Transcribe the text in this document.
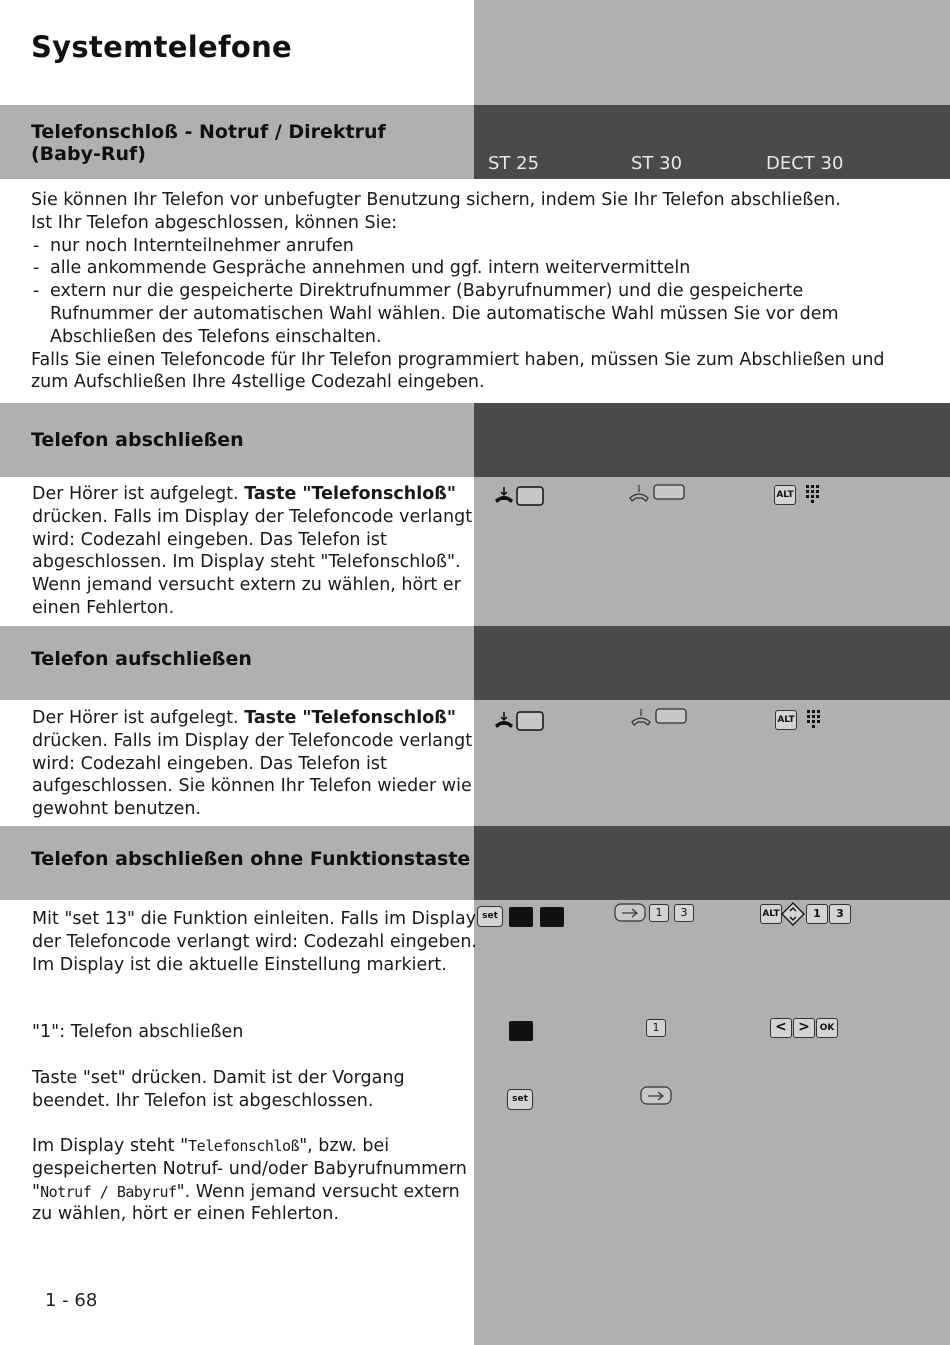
Systemtelefone
Telefonschloß - Notruf / Direktruf (Baby-Ruf)	ST 25	ST 30	DECT 30
Sie können Ihr Telefon vor unbefugter Benutzung sichern, indem Sie Ihr Telefon abschließen.
Ist Ihr Telefon abgeschlossen, können Sie:
- nur noch Internteilnehmer anrufen
- alle ankommende Gespräche annehmen und ggf. intern weitervermitteln
- extern nur die gespeicherte Direktrufnummer (Babyrufnummer) und die gespeicherte Rufnummer der automatischen Wahl wählen. Die automatische Wahl müssen Sie vor dem Abschließen des Telefons einschalten.
Falls Sie einen Telefoncode für Ihr Telefon programmiert haben, müssen Sie zum Abschließen und zum Aufschließen Ihre 4stellige Codezahl eingeben.
Telefon abschließen
Der Hörer ist aufgelegt. Taste "Telefonschloß" drücken. Falls im Display der Telefoncode verlangt wird: Codezahl eingeben. Das Telefon ist abgeschlossen. Im Display steht "Telefonschloß". Wenn jemand versucht extern zu wählen, hört er einen Fehlerton.
ALT
Telefon aufschließen
Der Hörer ist aufgelegt. Taste "Telefonschloß" drücken. Falls im Display der Telefoncode verlangt wird: Codezahl eingeben. Das Telefon ist aufgeschlossen. Sie können Ihr Telefon wieder wie gewohnt benutzen.
ALT
Telefon abschließen ohne Funktionstaste
Mit "set 13" die Funktion einleiten. Falls im Display der Telefoncode verlangt wird: Codezahl eingeben. Im Display ist die aktuelle Einstellung markiert.
"1": Telefon abschließen
Taste "set" drücken. Damit ist der Vorgang beendet. Ihr Telefon ist abgeschlossen.
Im Display steht "Telefonschloß", bzw. bei gespeicherten Notruf- und/oder Babyrufnummern "Notruf / Babyruf". Wenn jemand versucht extern zu wählen, hört er einen Fehlerton.
set	1	3	ALT	1	3
1	< >	OK
set
1 - 68
